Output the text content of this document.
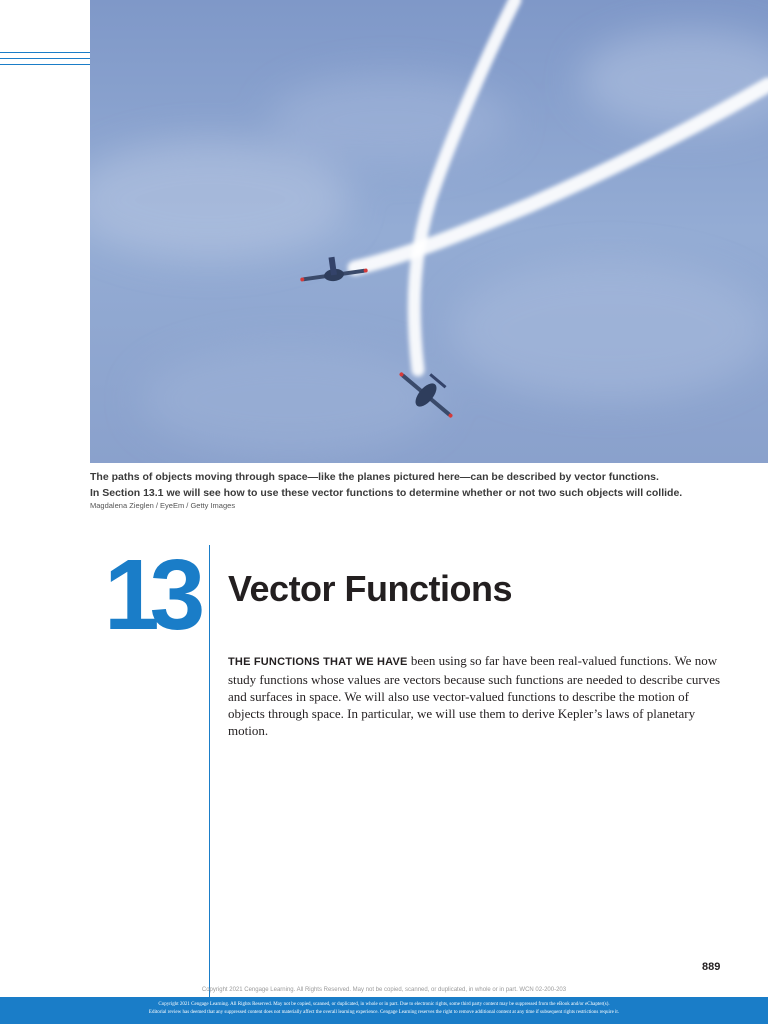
The paths of objects moving through space—like the planes pictured here—can be described by vector functions.
In Section 13.1 we will see how to use these vector functions to determine whether or not two such objects will collide.
Magdalena Zieglen / EyeEm / Getty Images
13 Vector Functions
THE FUNCTIONS THAT WE HAVE been using so far have been real-valued functions. We now study functions whose values are vectors because such functions are needed to describe curves and surfaces in space. We will also use vector-valued functions to describe the motion of objects through space. In particular, we will use them to derive Kepler’s laws of planetary motion.
889
Copyright 2021 Cengage Learning. All Rights Reserved. May not be copied, scanned, or duplicated, in whole or in part. WCN 02-200-203
Copyright 2021 Cengage Learning. All Rights Reserved. May not be copied, scanned, or duplicated, in whole or in part. Due to electronic rights, some third party content may be suppressed from the eBook and/or eChapter(s).
Editorial review has deemed that any suppressed content does not materially affect the overall learning experience. Cengage Learning reserves the right to remove additional content at any time if subsequent rights restrictions require it.
